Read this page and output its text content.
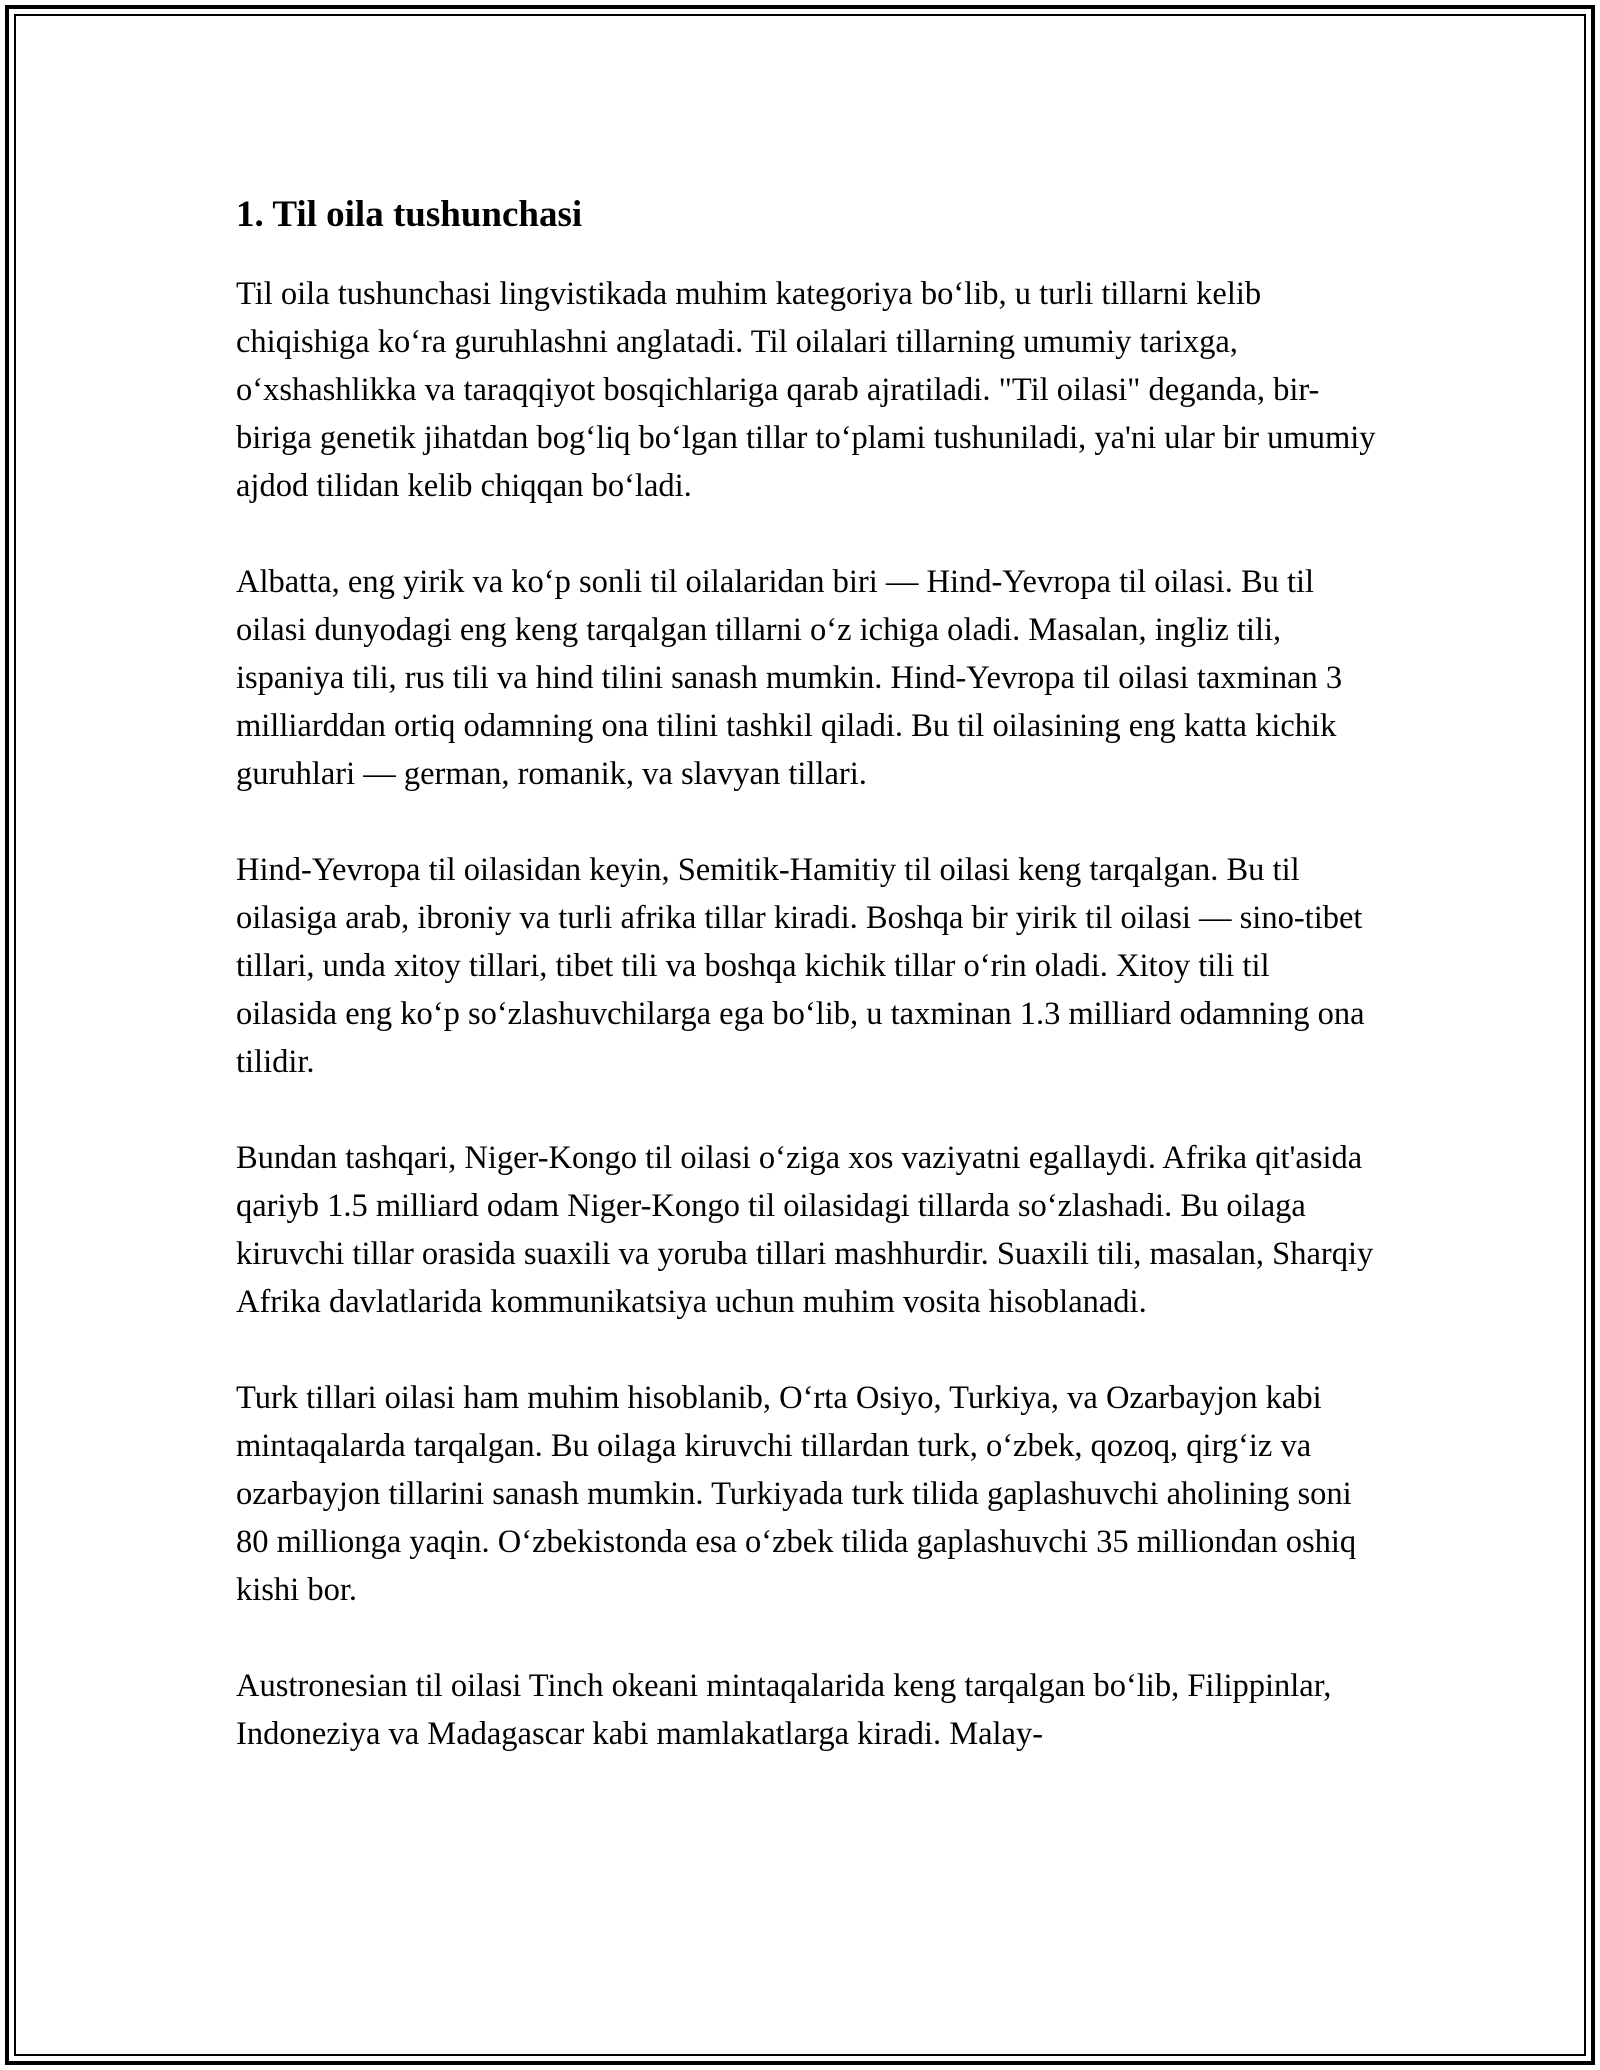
1. Til oila tushunchasi

Til oila tushunchasi lingvistikada muhim kategoriya bo‘lib, u turli tillarni kelib chiqishiga ko‘ra guruhlashni anglatadi. Til oilalari tillarning umumiy tarixga, o‘xshashlikka va taraqqiyot bosqichlariga qarab ajratiladi. "Til oilasi" deganda, bir-biriga genetik jihatdan bog‘liq bo‘lgan tillar to‘plami tushuniladi, ya'ni ular bir umumiy ajdod tilidan kelib chiqqan bo‘ladi.

Albatta, eng yirik va ko‘p sonli til oilalaridan biri — Hind-Yevropa til oilasi. Bu til oilasi dunyodagi eng keng tarqalgan tillarni o‘z ichiga oladi. Masalan, ingliz tili, ispaniya tili, rus tili va hind tilini sanash mumkin. Hind-Yevropa til oilasi taxminan 3 milliarddan ortiq odamning ona tilini tashkil qiladi. Bu til oilasining eng katta kichik guruhlari — german, romanik, va slavyan tillari.

Hind-Yevropa til oilasidan keyin, Semitik-Hamitiy til oilasi keng tarqalgan. Bu til oilasiga arab, ibroniy va turli afrika tillar kiradi. Boshqa bir yirik til oilasi — sino-tibet tillari, unda xitoy tillari, tibet tili va boshqa kichik tillar o‘rin oladi. Xitoy tili til oilasida eng ko‘p so‘zlashuvchilarga ega bo‘lib, u taxminan 1.3 milliard odamning ona tilidir.

Bundan tashqari, Niger-Kongo til oilasi o‘ziga xos vaziyatni egallaydi. Afrika qit'asida qariyb 1.5 milliard odam Niger-Kongo til oilasidagi tillarda so‘zlashadi. Bu oilaga kiruvchi tillar orasida suaxili va yoruba tillari mashhurdir. Suaxili tili, masalan, Sharqiy Afrika davlatlarida kommunikatsiya uchun muhim vosita hisoblanadi.

Turk tillari oilasi ham muhim hisoblanib, O‘rta Osiyo, Turkiya, va Ozarbayjon kabi mintaqalarda tarqalgan. Bu oilaga kiruvchi tillardan turk, o‘zbek, qozoq, qirg‘iz va ozarbayjon tillarini sanash mumkin. Turkiyada turk tilida gaplashuvchi aholining soni 80 millionga yaqin. O‘zbekistonda esa o‘zbek tilida gaplashuvchi 35 milliondan oshiq kishi bor.

Austronesian til oilasi Tinch okeani mintaqalarida keng tarqalgan bo‘lib, Filippinlar, Indoneziya va Madagascar kabi mamlakatlarga kiradi. Malay-
